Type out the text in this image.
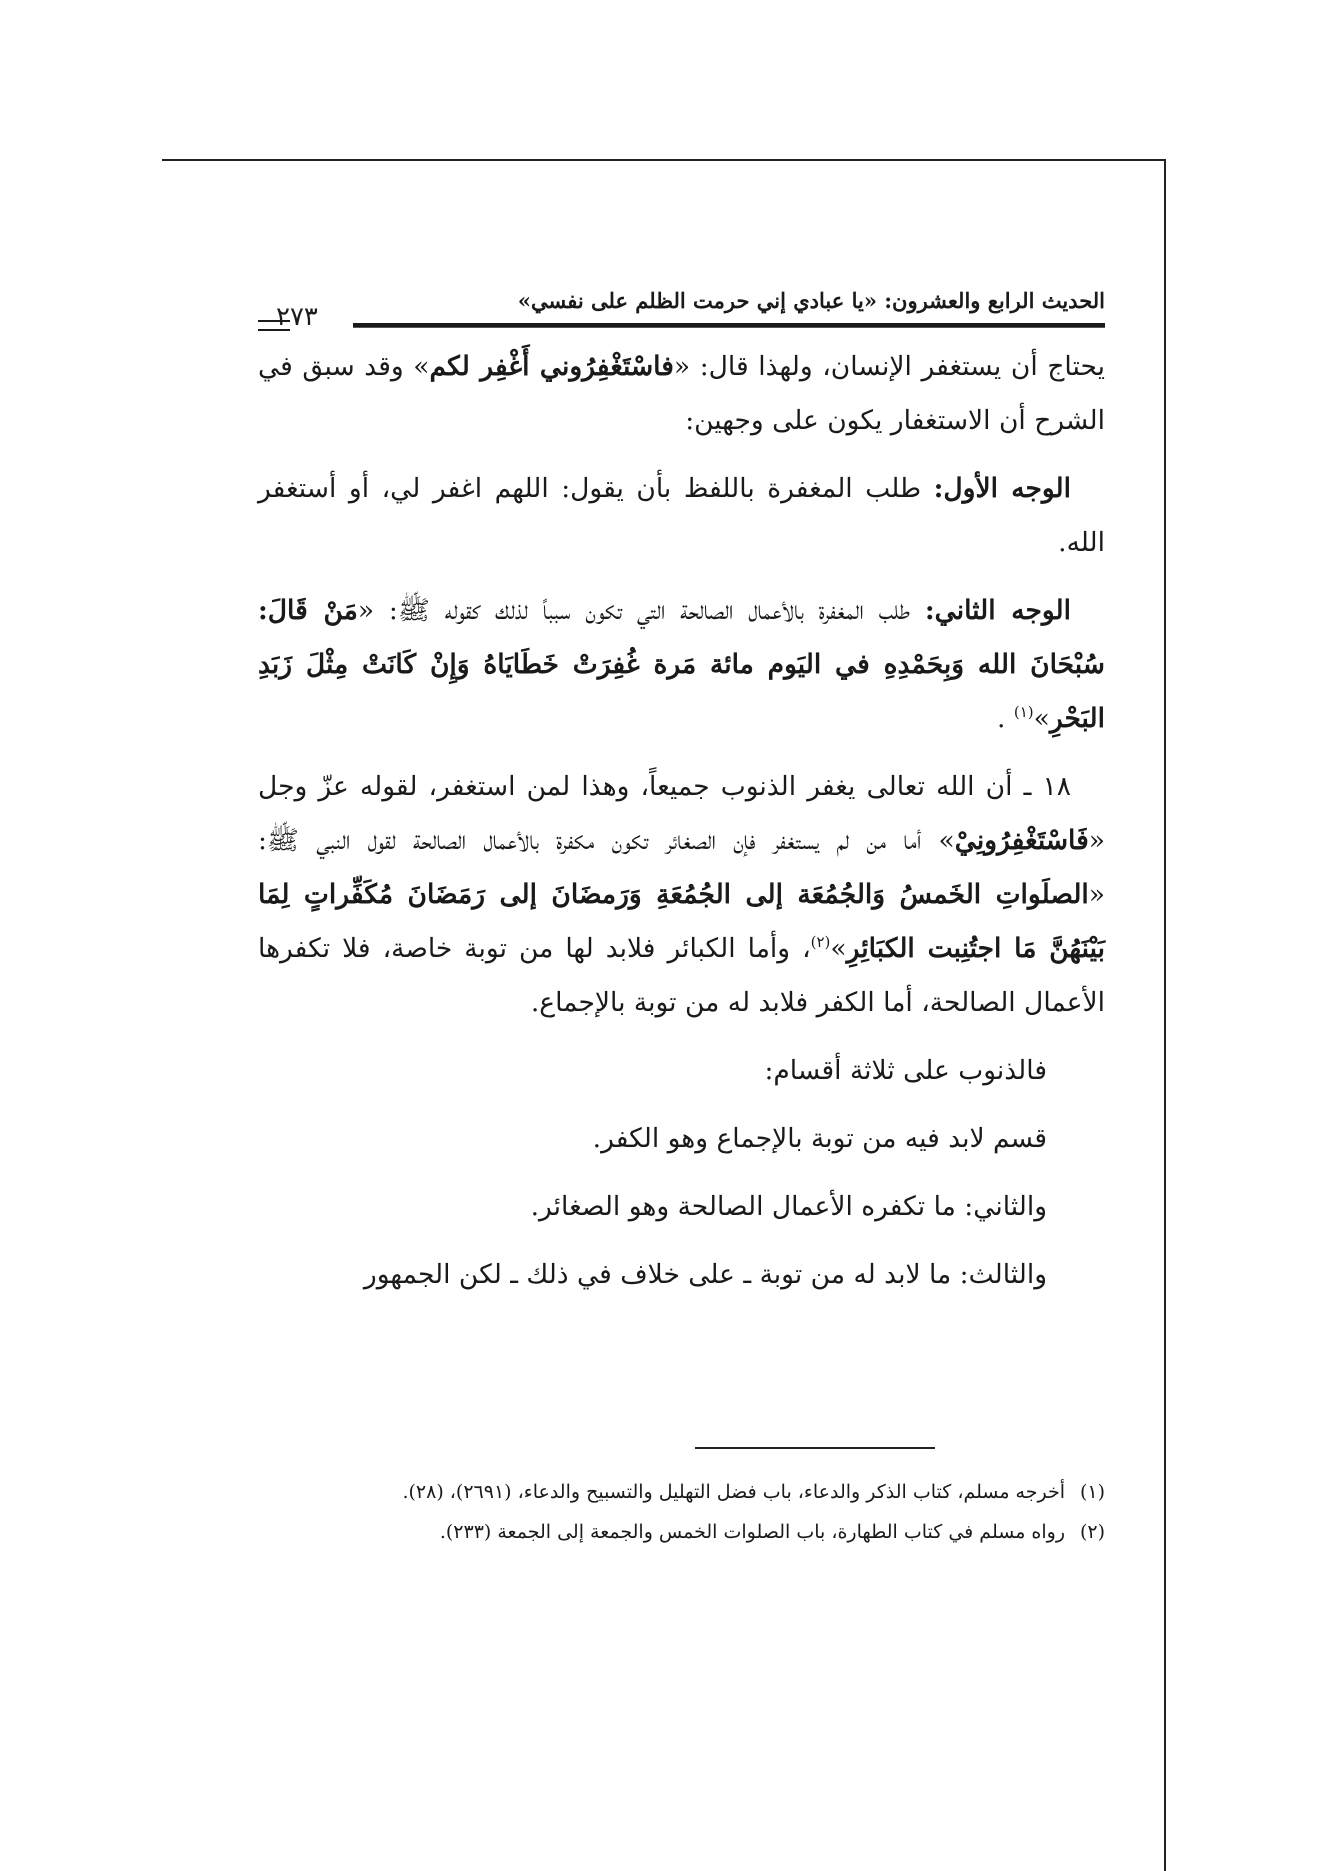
الحديث الرابع والعشرون: «يا عبادي إني حرمت الظلم على نفسي»
٢٧٣

يحتاج أن يستغفر الإنسان، ولهذا قال: «فاسْتَغْفِرُوني أَغْفِر لكم» وقد سبق في الشرح أن الاستغفار يكون على وجهين:

الوجه الأول: طلب المغفرة باللفظ بأن يقول: اللهم اغفر لي، أو أستغفر الله.

الوجه الثاني: طلب المغفرة بالأعمال الصالحة التي تكون سبباً لذلك كقوله ﷺ: «مَنْ قَالَ: سُبْحَانَ الله وَبِحَمْدِهِ في اليَوم مائة مَرة غُفِرَتْ خَطَايَاهُ وَإِنْ كَانَتْ مِثْلَ زَبَدِ البَحْرِ»$^{(١)}$ .

١٨ ـ أن الله تعالى يغفر الذنوب جميعاً، وهذا لمن استغفر، لقوله عزّ وجل «فَاسْتَغْفِرُونِيْ» أما من لم يستغفر فإن الصغائر تكون مكفرة بالأعمال الصالحة لقول النبي ﷺ: «الصلَواتِ الخَمسُ وَالجُمُعَة إلى الجُمُعَةِ وَرَمضَانَ إلى رَمَضَانَ مُكَفِّراتٍ لِمَا بَيْنَهُنَّ مَا اجتُنِبت الكبَائِرِ»$^{(٢)}$، وأما الكبائر فلابد لها من توبة خاصة، فلا تكفرها الأعمال الصالحة، أما الكفر فلابد له من توبة بالإجماع.

فالذنوب على ثلاثة أقسام:

قسم لابد فيه من توبة بالإجماع وهو الكفر.

والثاني: ما تكفره الأعمال الصالحة وهو الصغائر.

والثالث: ما لابد له من توبة ـ على خلاف في ذلك ـ لكن الجمهور

(١)
أخرجه مسلم، كتاب الذكر والدعاء، باب فضل التهليل والتسبيح والدعاء، (٢٦٩١)، (٢٨).
(٢)
رواه مسلم في كتاب الطهارة، باب الصلوات الخمس والجمعة إلى الجمعة (٢٣٣).
